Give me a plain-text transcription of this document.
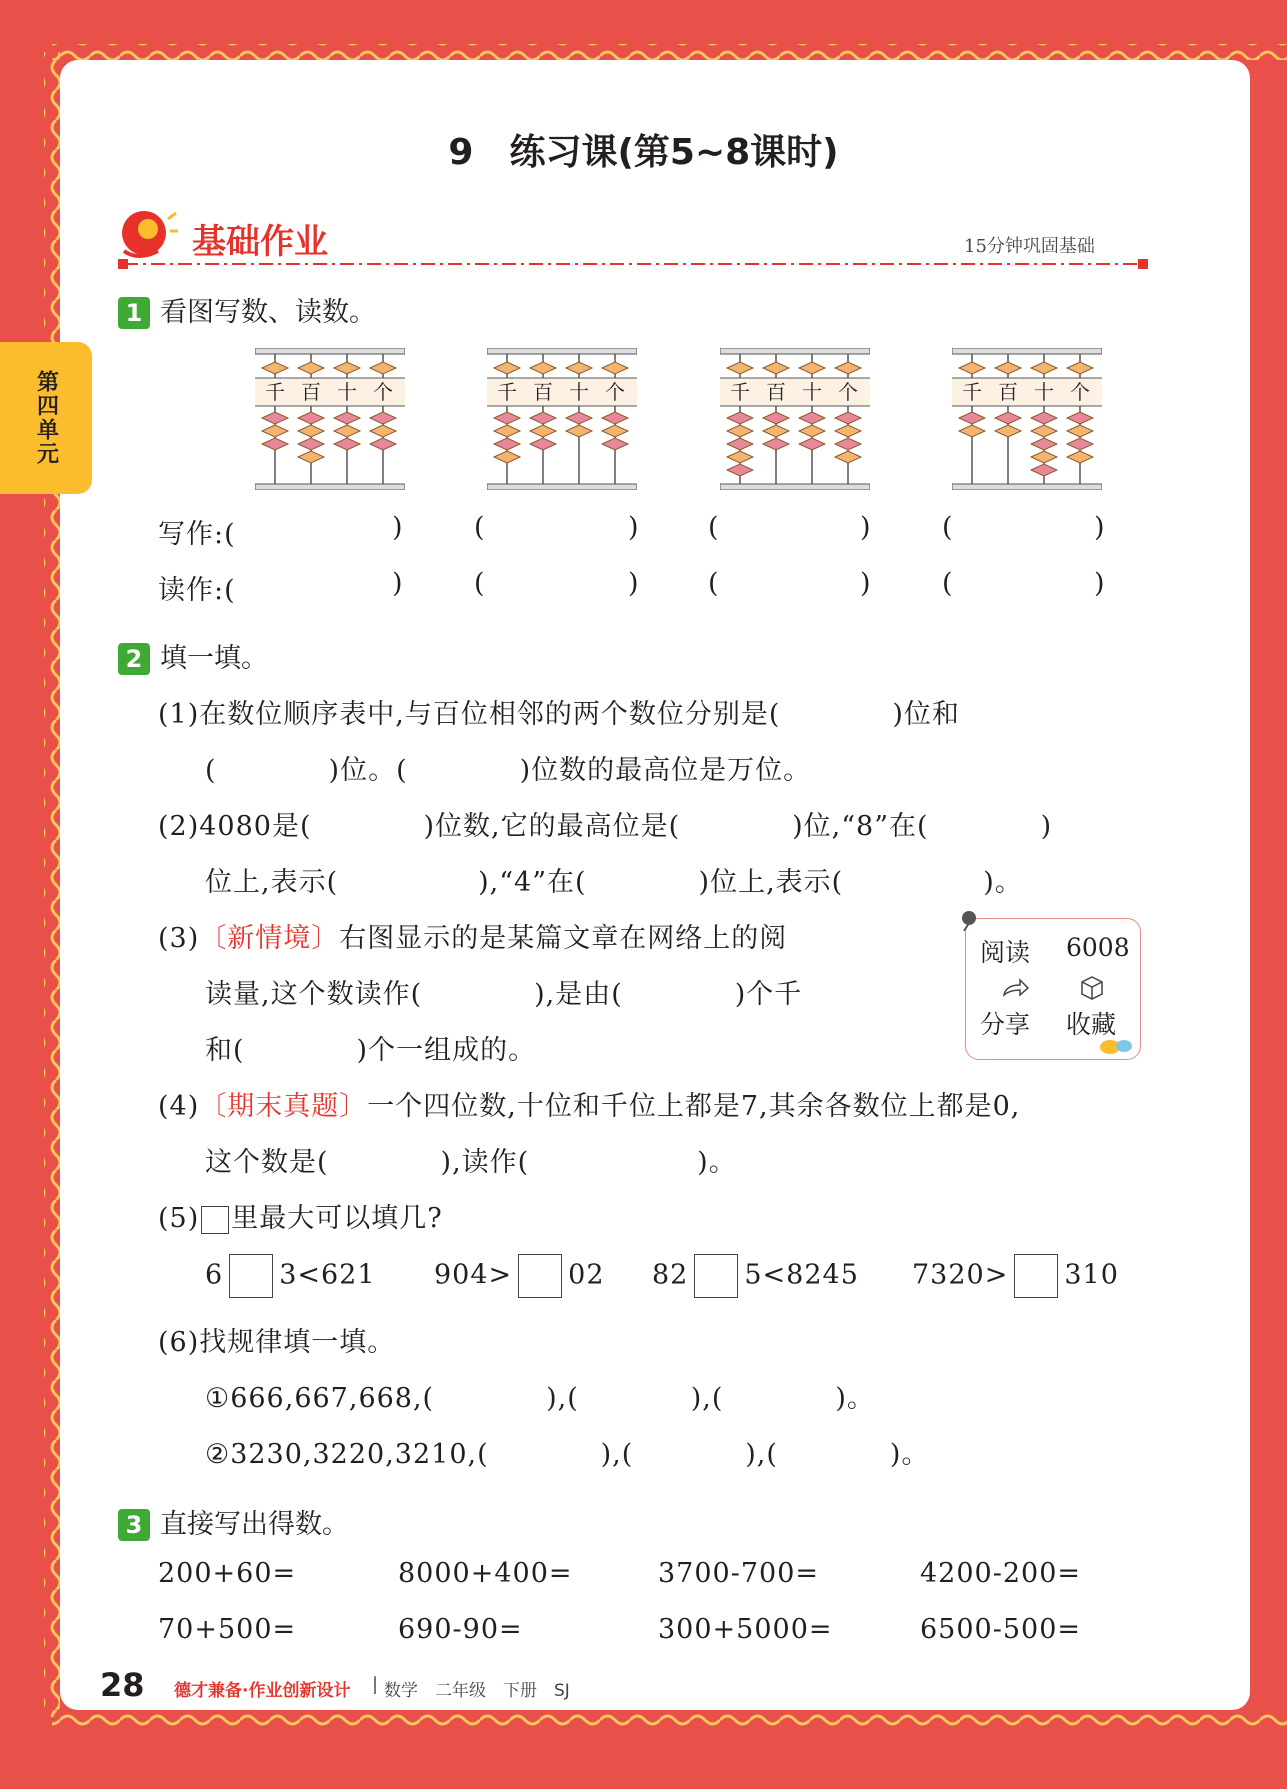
第四单元
9　练习课(第5~8课时)
基础作业	15分钟巩固基础
1 看图写数、读数。
千 百 十 个	千 百 十 个	千 百 十 个	千 百 十 个
写作:(	)	(	)	(	)	(	)
读作:(	)	(	)	(	)	(	)
2 填一填。
(1)在数位顺序表中,与百位相邻的两个数位分别是(　　　　)位和
(　　　　)位。(　　　　)位数的最高位是万位。
(2)4080是(　　　　)位数,它的最高位是(　　　　)位,“8”在(　　　　)
位上,表示(　　　　　),“4”在(　　　　)位上,表示(　　　　　)。
(3)〔新情境〕右图显示的是某篇文章在网络上的阅
读量,这个数读作(　　　　),是由(　　　　)个千
和(　　　　)个一组成的。
阅读 6008
分享 收藏
(4)〔期末真题〕一个四位数,十位和千位上都是7,其余各数位上都是0,
这个数是(　　　　),读作(　　　　　　)。
(5) 里最大可以填几?
6 3<621 904> 02 82 5<8245 7320> 310
(6)找规律填一填。
①666,667,668,(　　　　),(　　　　),(　　　　)。
②3230,3220,3210,(　　　　),(　　　　),(　　　　)。
3 直接写出得数。
200+60=	8000+400=	3700-700=	4200-200=
70+500=	690-90=	300+5000=	6500-500=
28 德才兼备·作业创新设计 | 数学　二年级　下册　SJ
